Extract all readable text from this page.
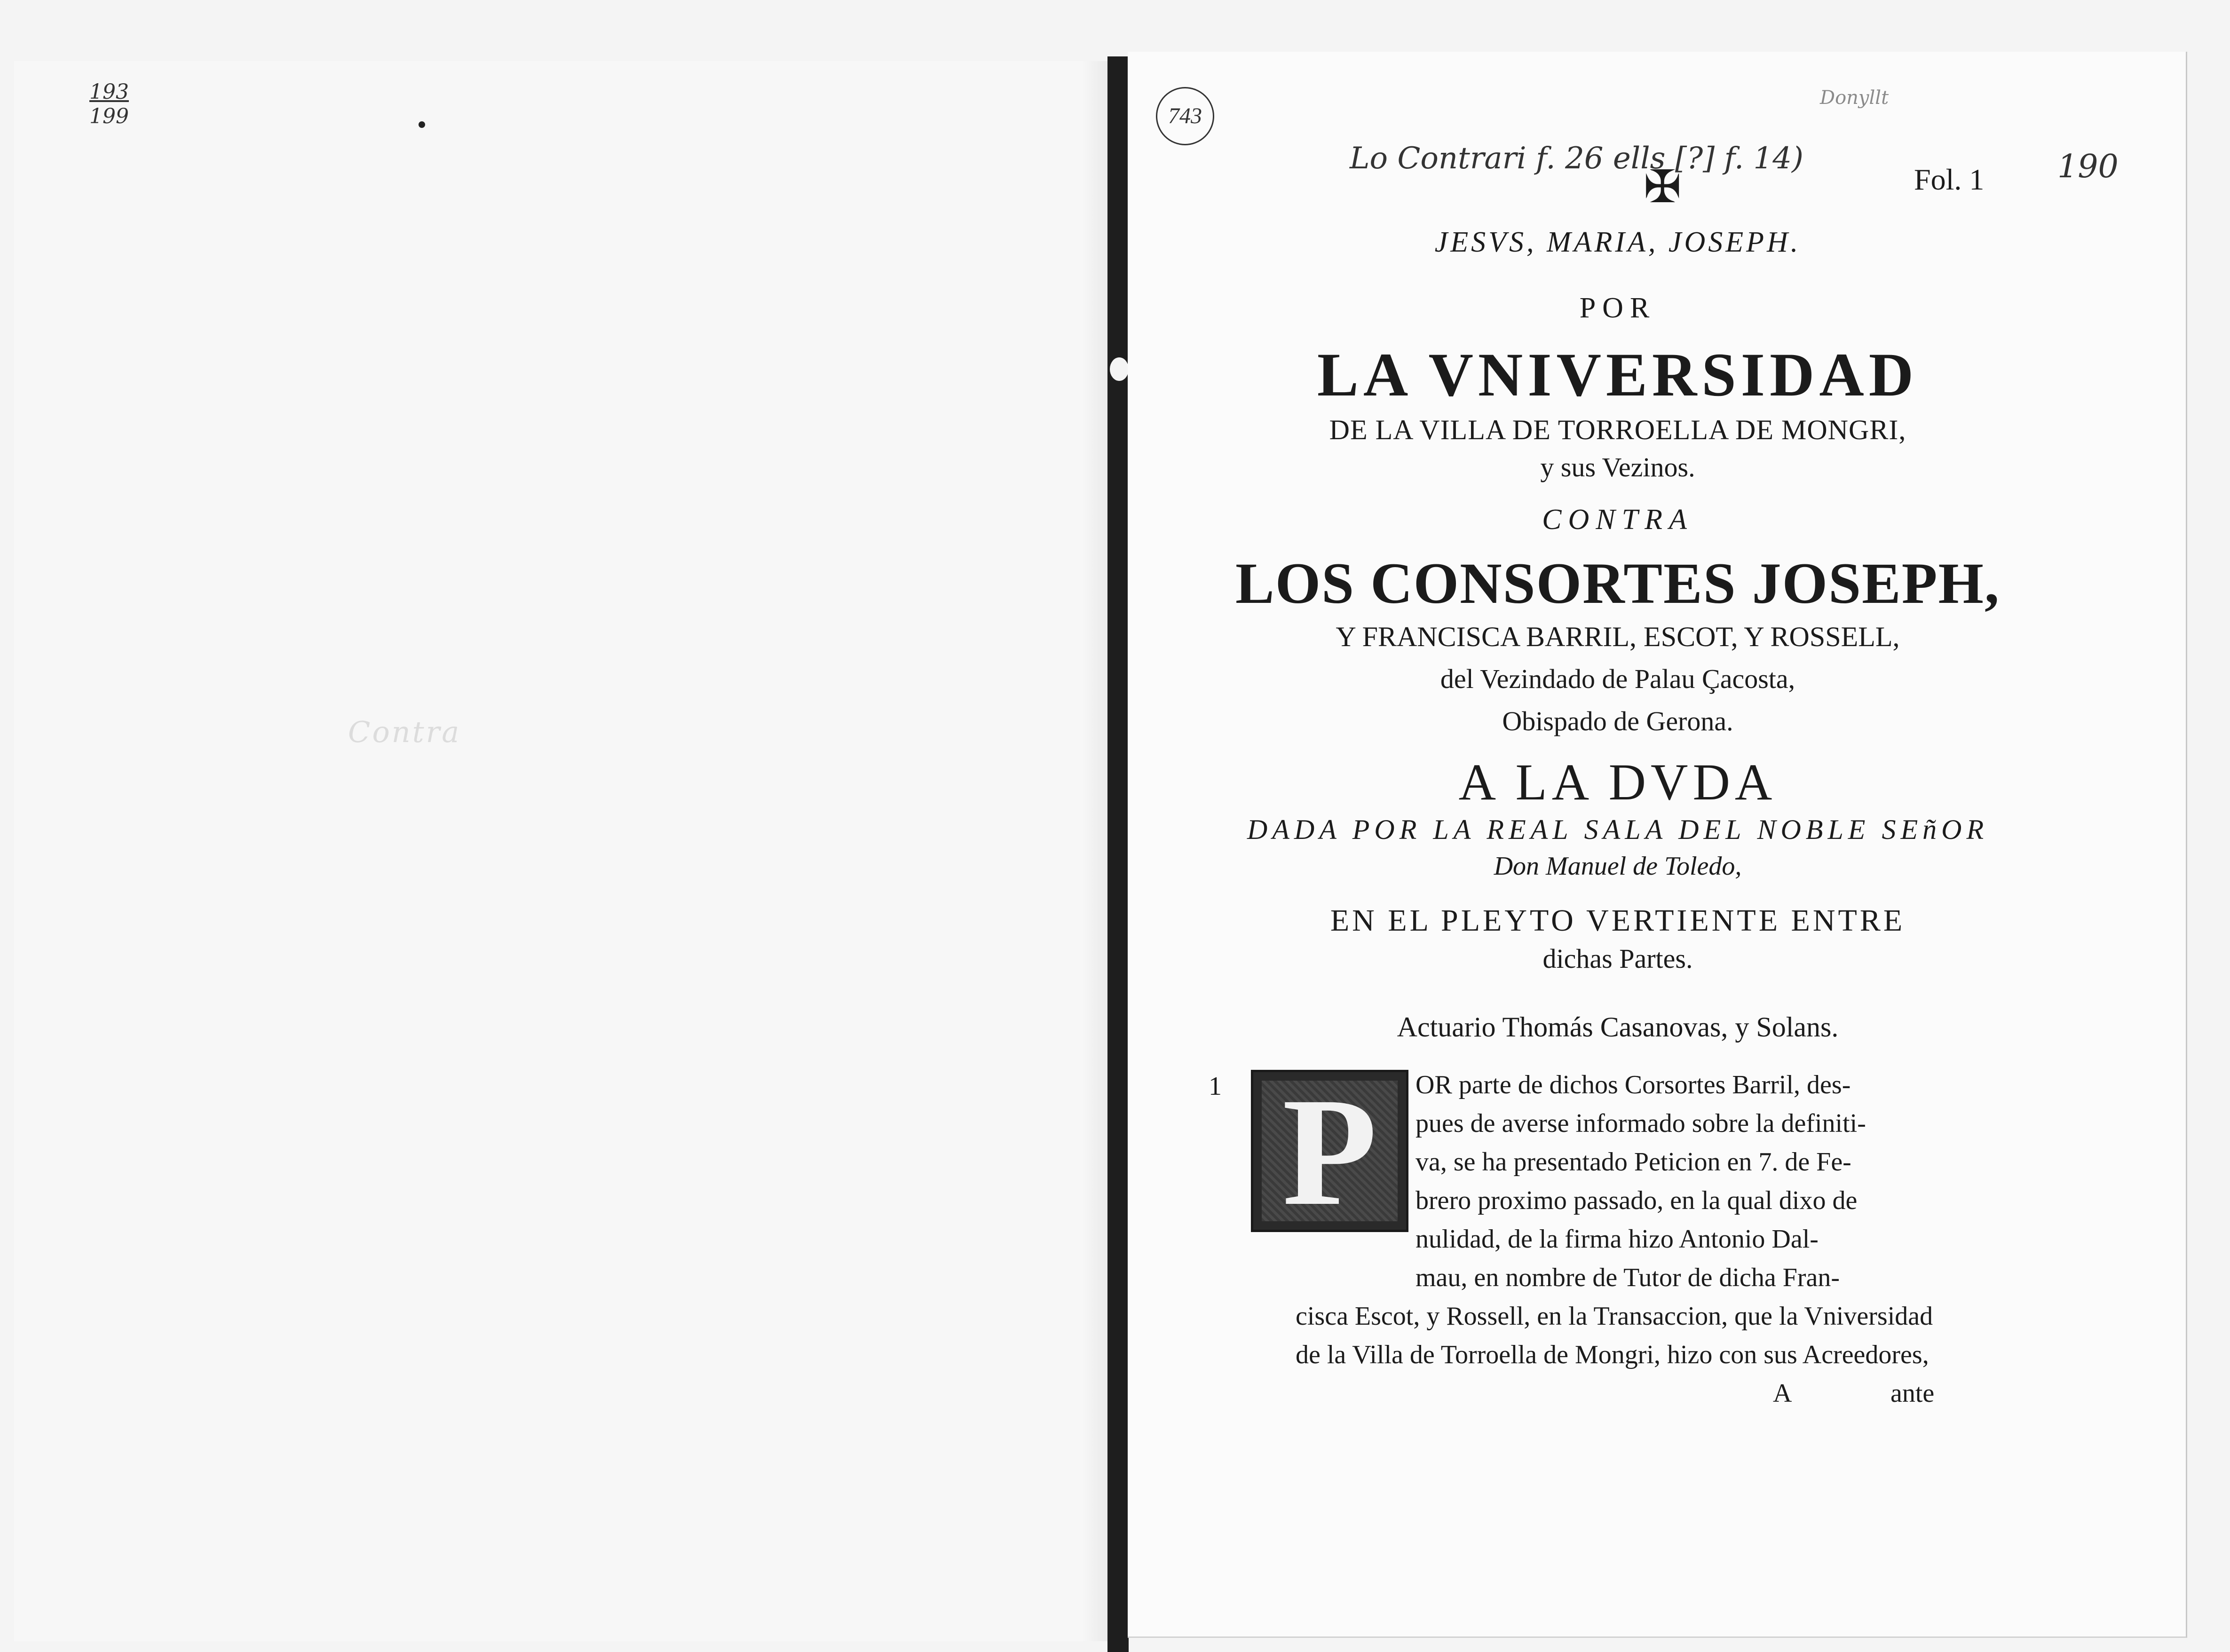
193
199
Contra
743
Lo Contrari f. 26 ells [?] f. 14)
Donyllt
190
✠	Fol. 1
JESVS, MARIA, JOSEPH.
POR
LA VNIVERSIDAD
DE LA VILLA DE TORROELLA DE MONGRI,
y sus Vezinos.
CONTRA
LOS CONSORTES JOSEPH,
Y FRANCISCA BARRIL, ESCOT, Y ROSSELL,
del Vezindado de Palau Çacosta,
Obispado de Gerona.
A LA DVDA
DADA POR LA REAL SALA DEL NOBLE SEñOR
Don Manuel de Toledo,
EN EL PLEYTO VERTIENTE ENTRE
dichas Partes.
Actuario Thomás Casanovas, y Solans.
1 P	OR parte de dichos Corsortes Barril, des-
pues de averse informado sobre la definiti-
va, se ha presentado Peticion en 7. de Fe-
brero proximo passado, en la qual dixo de
nulidad, de la firma hizo Antonio Dal-
mau, en nombre de Tutor de dicha Fran-
cisca Escot, y Rossell, en la Transaccion, que la Vniversidad
de la Villa de Torroella de Mongri, hizo con sus Acreedores,
A	ante
